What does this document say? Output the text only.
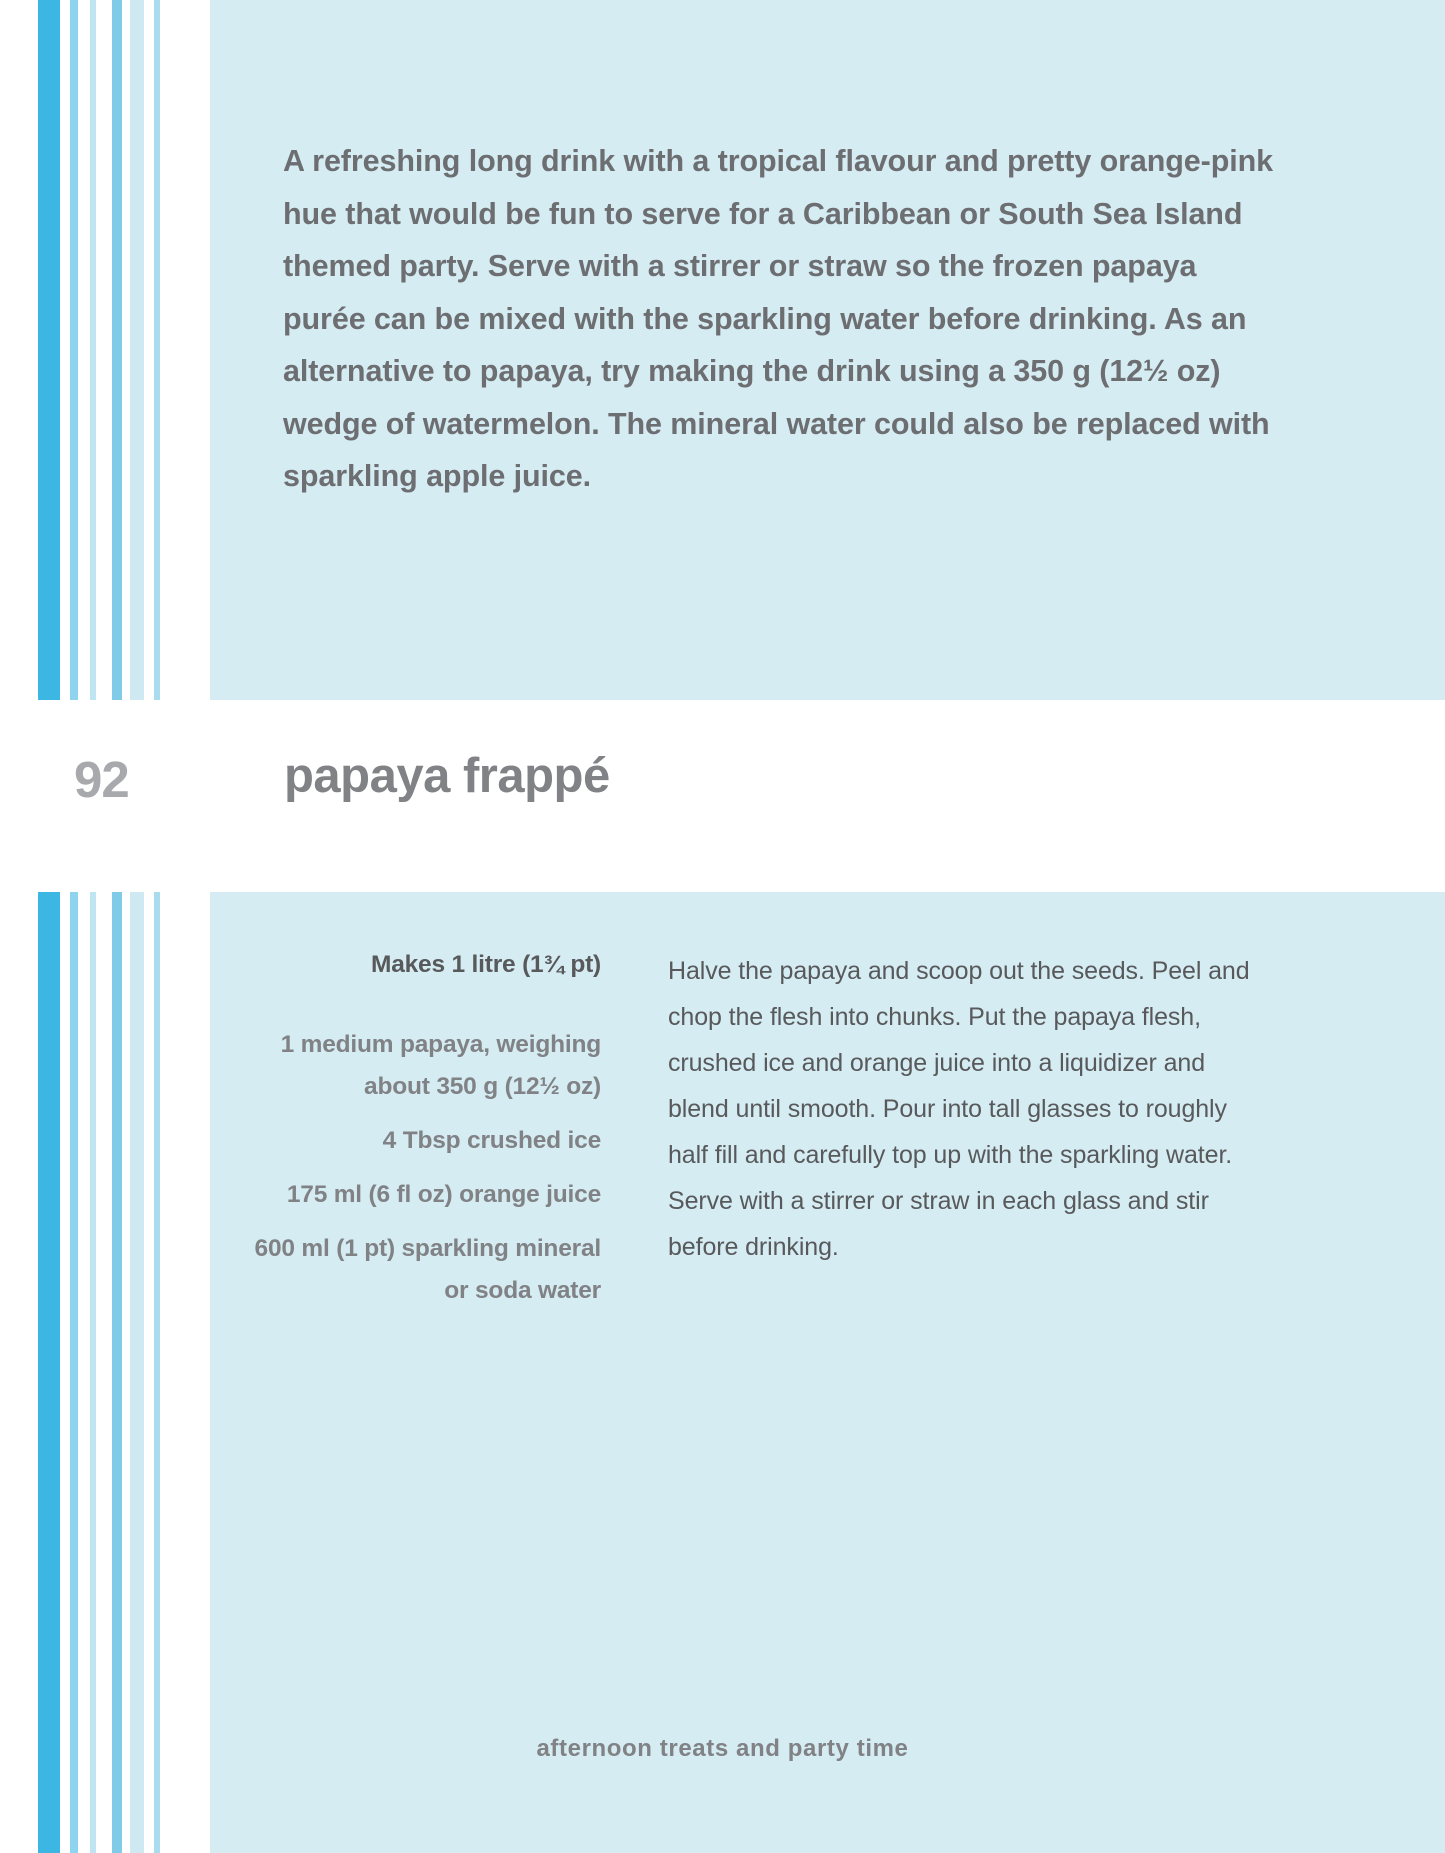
A refreshing long drink with a tropical flavour and pretty orange-pink hue that would be fun to serve for a Caribbean or South Sea Island themed party. Serve with a stirrer or straw so the frozen papaya purée can be mixed with the sparkling water before drinking. As an alternative to papaya, try making the drink using a 350 g (12½ oz) wedge of watermelon. The mineral water could also be replaced with sparkling apple juice.
92	papaya frappé
Makes 1 litre (1¾ pt)
1 medium papaya, weighing about 350 g (12½ oz)
4 Tbsp crushed ice
175 ml (6 fl oz) orange juice
600 ml (1 pt) sparkling mineral or soda water
Halve the papaya and scoop out the seeds. Peel and chop the flesh into chunks. Put the papaya flesh, crushed ice and orange juice into a liquidizer and blend until smooth. Pour into tall glasses to roughly half fill and carefully top up with the sparkling water. Serve with a stirrer or straw in each glass and stir before drinking.
afternoon treats and party time
